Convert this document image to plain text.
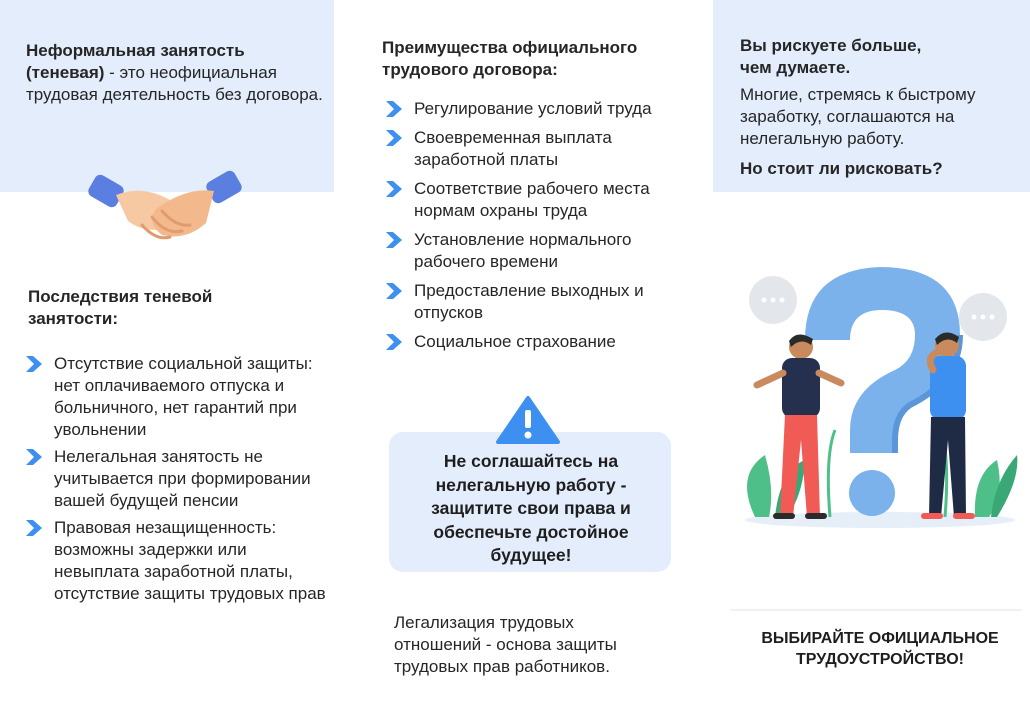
Неформальная занятость (теневая) - это неофициальная трудовая деятельность без договора.
Последствия теневой занятости:
Отсутствие социальной защиты: нет оплачиваемого отпуска и больничного, нет гарантий при увольнении
Нелегальная занятость не учитывается при формировании вашей будущей пенсии
Правовая незащищенность: возможны задержки или невыплата заработной платы, отсутствие защиты трудовых прав
Преимущества официального трудового договора:
Регулирование условий труда
Своевременная выплата заработной платы
Соответствие рабочего места нормам охраны труда
Установление нормального рабочего времени
Предоставление выходных и отпусков
Социальное страхование
Не соглашайтесь на нелегальную работу - защитите свои права и обеспечьте достойное будущее!
Легализация трудовых отношений - основа защиты трудовых прав работников.
Вы рискуете больше, чем думаете.
Многие, стремясь к быстрому заработку, соглашаются на нелегальную работу.
Но стоит ли рисковать?
ВЫБИРАЙТЕ ОФИЦИАЛЬНОЕ ТРУДОУСТРОЙСТВО!
